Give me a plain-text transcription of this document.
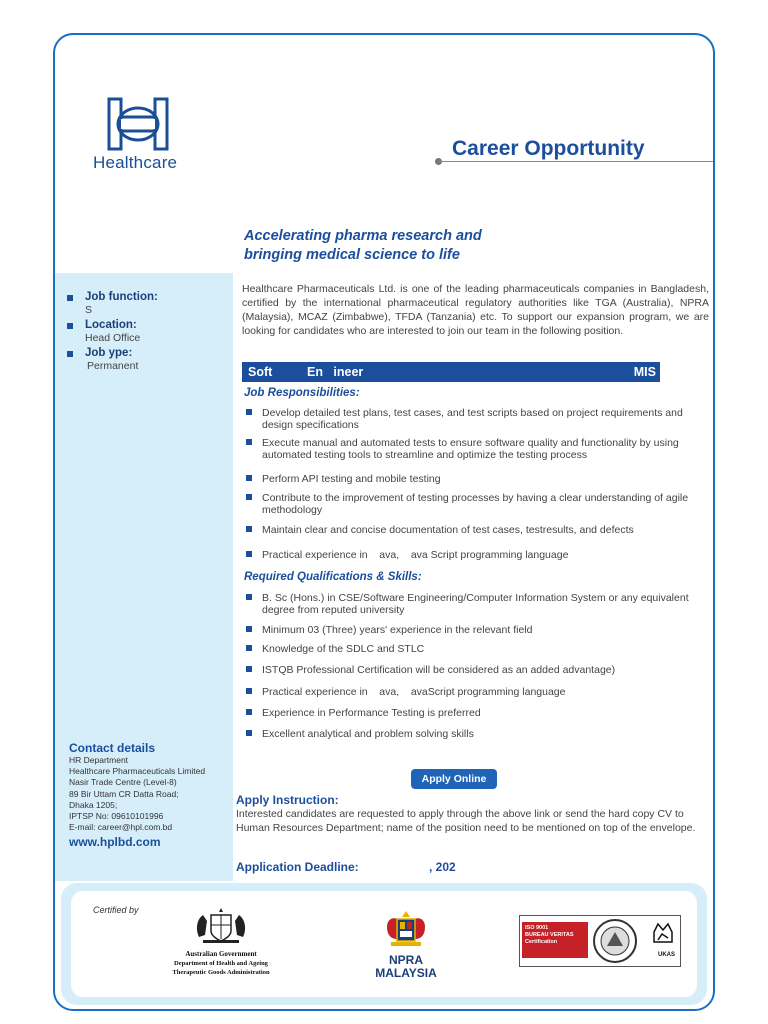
Healthcare
Career Opportunity
Accelerating pharma research and
bringing medical science to life
Healthcare Pharmaceuticals Ltd. is one of the leading pharmaceuticals companies in Bangladesh, certified by the international pharmaceutical regulatory authorities like TGA (Australia), NPRA (Malaysia), MCAZ (Zimbabwe), TFDA (Tanzania) etc. To support our expansion program, we are looking for candidates who are interested to join our team in the following position.
Job function:
S
Location:
Head Office
Job ype:
Permanent	Soft          En   ineer	MIS
Job Responsibilities:
Develop detailed test plans, test cases, and test scripts based on project requirements and design specifications
Execute manual and automated tests to ensure software quality and functionality by using automated testing tools to streamline and optimize the testing process
Perform API testing and mobile testing
Contribute to the improvement of testing processes by having a clear understanding of agile methodology
Maintain clear and concise documentation of test cases, testresults, and defects
Practical experience in    ava,    ava Script programming language
Required Qualifications & Skills:
B. Sc (Hons.) in CSE/Software Engineering/Computer Information System or any equivalent degree from reputed university
Minimum 03 (Three) years' experience in the relevant field
Knowledge of the SDLC and STLC
ISTQB Professional Certification will be considered as an added advantage)
Practical experience in    ava,    avaScript programming language
Experience in Performance Testing is preferred
Excellent analytical and problem solving skills
Contact details
HR Department
Healthcare Pharmaceuticals Limited
Nasir Trade Centre (Level-8)
89 Bir Uttam CR Datta Road;
Dhaka 1205;
IPTSP No: 09610101996
E-mail: career@hpl.com.bd
www.hplbd.com
Apply Online
Apply Instruction:
Interested candidates are requested to apply through the above link or send the hard copy CV to Human Resources Department; name of the position need to be mentioned on top of the envelope.
Application Deadline:	, 202
Certified by
Australian Government
Department of Health and Ageing
Therapeutic Goods Administration
NPRA
MALAYSIA
ISO 9001
BUREAU VERITAS
Certification
UKAS
